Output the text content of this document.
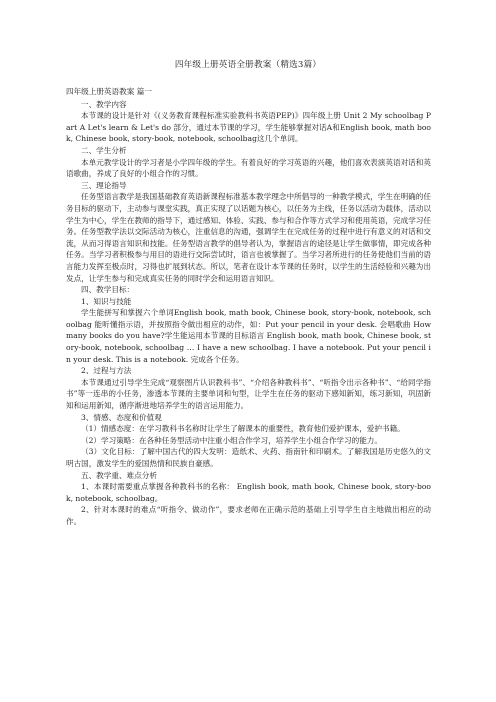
四年级上册英语全册教案（精选3篇）

四年级上册英语教案 篇一

一、教学内容

本节课的设计是针对《(义务教育课程标准实验教科书英语PEP)》四年级上册 Unit 2 My schoolbag Part A Let's learn & Let's do 部分，通过本节课的学习，学生能够掌握对话A和English book, math book, Chinese book, story-book, notebook, schoolbag这几个单词。

二、学生分析

本单元教学设计的学习者是小学四年级的学生。有着良好的学习英语的兴趣，他们喜欢表演英语对话和英语歌曲，养成了良好的小组合作的习惯。

三、理论指导

任务型语言教学是我国基础教育英语新课程标准基本教学理念中所倡导的一种教学模式，学生在明确的任务目标的驱动下，主动参与课堂实践，真正实现了以话题为核心，以任务为主线，任务以活动为载体，活动以学生为中心，学生在教师的指导下，通过感知、体验、实践、参与和合作等方式学习和使用英语，完成学习任务。任务型教学法以交际活动为核心，注重信息的沟通，强调学生在完成任务的过程中进行有意义的对话和交流，从而习得语言知识和技能。任务型语言教学的倡导者认为，掌握语言的途径是让学生做事情，即完成各种任务。当学习者积极参与用目的语进行交际尝试时，语言也被掌握了。当学习者所进行的任务使他们当前的语言能力发挥至极点时，习得也扩展到状态。所以，笔者在设计本节课的任务时，以学生的生活经验和兴趣为出发点，让学生参与和完成真实任务的同时学会和运用语言知识。

四、教学目标：

1、知识与技能

学生能拼写和掌握六个单词English book, math book, Chinese book, story-book, notebook, schoolbag 能听懂指示语，并按照指令做出相应的动作，如：Put your pencil in your desk. 会唱歌曲 How many books do you have?学生能运用本节课的目标语言 English book, math book, Chinese book, story-book, notebook, schoolbag … I have a new schoolbag. I have a notebook. Put your pencil in your desk. This is a notebook. 完成各个任务。

2、过程与方法

本节课通过引导学生完成“观察图片认识教科书”、“介绍各种教科书”、“听指令出示各种书”、“给同学指书”等一连串的小任务，渗透本节课的主要单词和句型，让学生在任务的驱动下感知新知，练习新知，巩固新知和运用新知，循序渐进地培养学生的语言运用能力。

3、情感、态度和价值观

（1）情感态度：在学习教科书名称时让学生了解课本的重要性，教育他们爱护课本，爱护书籍。

（2）学习策略：在各种任务型活动中注重小组合作学习，培养学生小组合作学习的能力。

（3）文化目标：了解中国古代的四大发明：造纸术、火药、指南针和印刷术。了解我国是历史悠久的文明古国，激发学生的爱国热情和民族自豪感。

五、教学重、难点分析

1、本课时需要重点掌握各种教科书的名称： English book, math book, Chinese book, story-book, notebook, schoolbag。

2、针对本课时的难点“听指令、做动作”，要求老师在正确示范的基础上引导学生自主地做出相应的动作。
